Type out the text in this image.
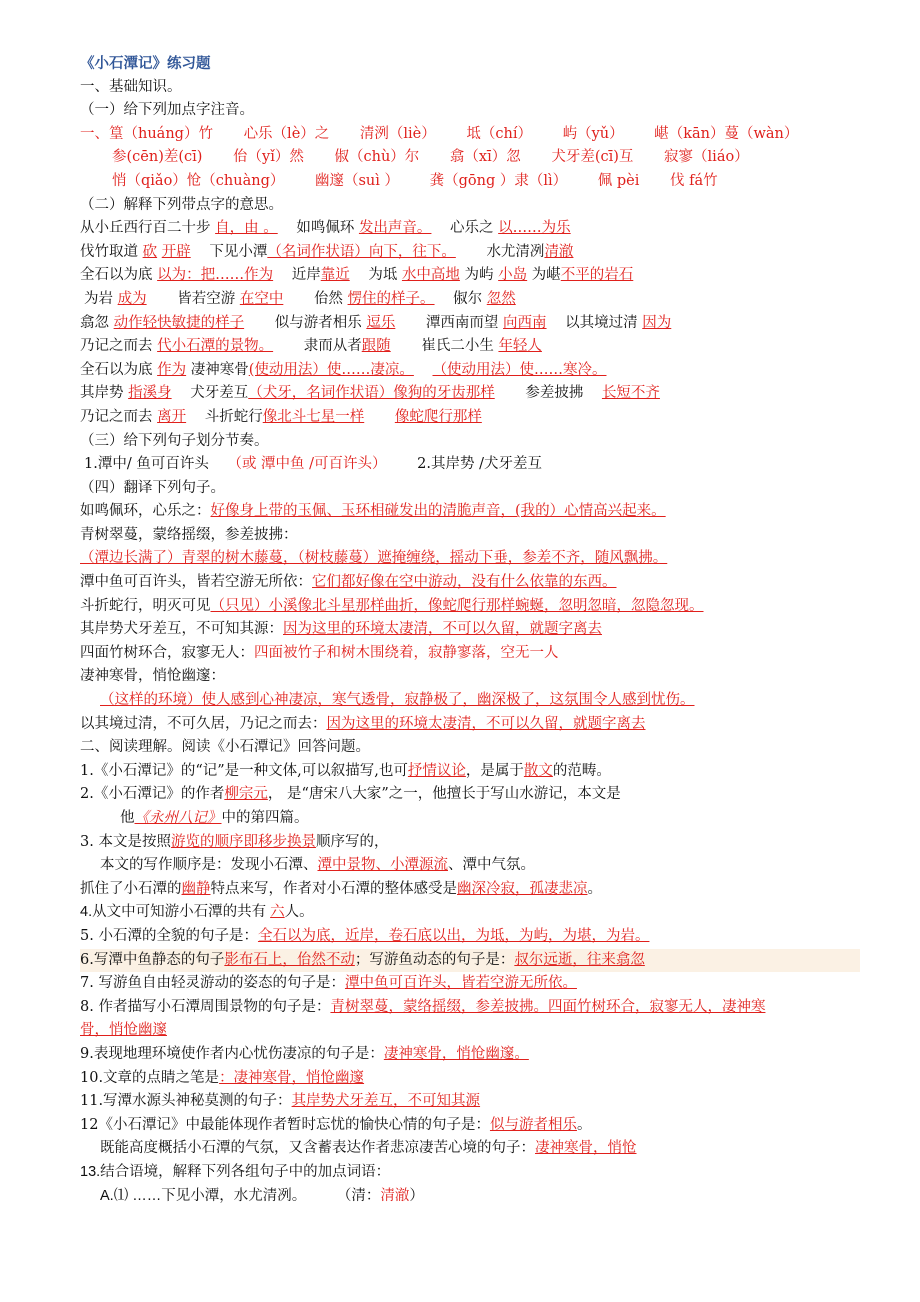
《小石潭记》练习题
一、基础知识。
（一）给下列加点字注音。
一、篁（huáng）竹 心乐（lè）之 清洌（liè） 坻（chí） 屿（yǔ） 嵁（kān）蔓（wàn）
参(cēn)差(cī) 佁（yǐ）然 俶（chù）尔 翕（xī）忽 犬牙差(cī)互 寂寥（liáo）
悄（qiǎo）怆（chuàng） 幽邃（suì ） 龚（gōng ）隶（lì） 佩 pèi 伐 fá竹
（二）解释下列带点字的意思。
从小丘西行百二十步 自，由 。 如鸣佩环 发出声音。 心乐之 以……为乐
伐竹取道 砍 开辟 下见小潭（名词作状语）向下，往下。 水尤清冽清澈
全石以为底 以为：把……作为 近岸靠近 为坻 水中高地 为屿 小岛 为嵁不平的岩石
为岩 成为 皆若空游 在空中 佁然 愣住的样子。 俶尔 忽然
翕忽 动作轻快敏捷的样子 似与游者相乐 逗乐 潭西南而望 向西南 以其境过清 因为
乃记之而去 代小石潭的景物。 隶而从者跟随 崔氏二小生 年轻人
全石以为底 作为 凄神寒骨(使动用法）使……凄凉。 （使动用法）使……寒冷。
其岸势 指溪身 犬牙差互（犬牙，名词作状语）像狗的牙齿那样 参差披拂 长短不齐
乃记之而去 离开 斗折蛇行像北斗七星一样 像蛇爬行那样
（三）给下列句子划分节奏。
1.潭中/ 鱼可百许头 （或 潭中鱼 /可百许头） 2.其岸势 /犬牙差互
（四）翻译下列句子。
如鸣佩环，心乐之：好像身上带的玉佩、玉环相碰发出的清脆声音，(我的）心情高兴起来。
青树翠蔓，蒙络摇缀，参差披拂：
（潭边长满了）青翠的树木藤蔓，（树枝藤蔓）遮掩缠绕，摇动下垂，参差不齐，随风飘拂。
潭中鱼可百许头，皆若空游无所依：它们都好像在空中游动，没有什么依靠的东西。
斗折蛇行，明灭可见（只见）小溪像北斗星那样曲折，像蛇爬行那样蜿蜒，忽明忽暗，忽隐忽现。
其岸势犬牙差互，不可知其源：因为这里的环境太凄清，不可以久留，就题字离去
四面竹树环合，寂寥无人：四面被竹子和树木围绕着，寂静寥落，空无一人
凄神寒骨，悄怆幽邃：
（这样的环境）使人感到心神凄凉，寒气透骨，寂静极了，幽深极了，这氛围令人感到忧伤。
以其境过清，不可久居，乃记之而去：因为这里的环境太凄清，不可以久留，就题字离去
二、阅读理解。阅读《小石潭记》回答问题。
1.《小石潭记》的“记”是一种文体,可以叙描写,也可抒情议论，是属于散文的范畴。
2.《小石潭记》的作者柳宗元， 是“唐宋八大家”之一，他擅长于写山水游记，本文是
他《永州八记》中的第四篇。
3. 本文是按照游览的顺序即移步换景顺序写的，
本文的写作顺序是：发现小石潭、潭中景物、小潭源流、潭中气氛。
抓住了小石潭的幽静特点来写，作者对小石潭的整体感受是幽深冷寂，孤凄悲凉。
4.从文中可知游小石潭的共有 六人。
5. 小石潭的全貌的句子是：全石以为底，近岸，卷石底以出，为坻，为屿，为堪，为岩。
6.写潭中鱼静态的句子影布石上，佁然不动；写游鱼动态的句子是：叔尔远逝，往来翕忽
7. 写游鱼自由轻灵游动的姿态的句子是：潭中鱼可百许头，皆若空游无所依。
8. 作者描写小石潭周围景物的句子是：青树翠蔓，蒙络摇缀，参差披拂。四面竹树环合，寂寥无人，凄神寒
骨，悄怆幽邃
9.表现地理环境使作者内心忧伤凄凉的句子是：凄神寒骨，悄怆幽邃。
10.文章的点睛之笔是：凄神寒骨，悄怆幽邃
11.写潭水源头神秘莫测的句子：其岸势犬牙差互，不可知其源
12《小石潭记》中最能体现作者暂时忘忧的愉快心情的句子是：似与游者相乐。
既能高度概括小石潭的气氛，又含蓄表达作者悲凉凄苦心境的句子：凄神寒骨，悄怆
13.结合语境，解释下列各组句子中的加点词语：
A.⑴ ……下见小潭，水尤清冽。 （清：清澈）
